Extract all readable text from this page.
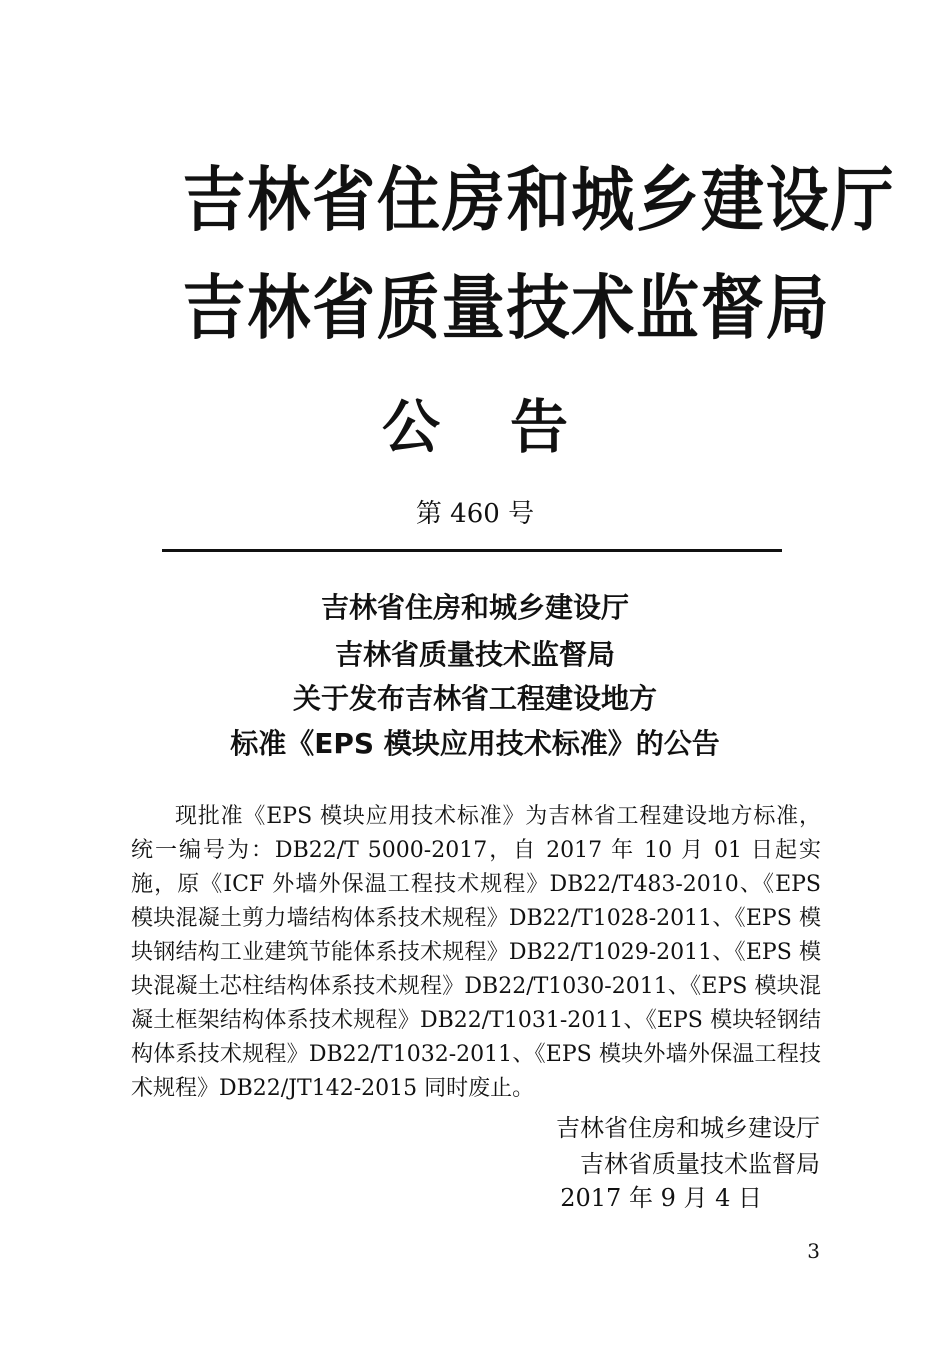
吉林省住房和城乡建设厅
吉林省质量技术监督局
公 告
第 460 号
吉林省住房和城乡建设厅
吉林省质量技术监督局
关于发布吉林省工程建设地方
标准《EPS 模块应用技术标准》的公告
现批准《EPS 模块应用技术标准》为吉林省工程建设地方标准，统一编号为：DB22/T 5000-2017，自 2017 年 10 月 01 日起实施，原《ICF 外墙外保温工程技术规程》DB22/T483-2010、《EPS 模块混凝土剪力墙结构体系技术规程》DB22/T1028-2011、《EPS 模块钢结构工业建筑节能体系技术规程》DB22/T1029-2011、《EPS 模块混凝土芯柱结构体系技术规程》DB22/T1030-2011、《EPS 模块混凝土框架结构体系技术规程》DB22/T1031-2011、《EPS 模块轻钢结构体系技术规程》DB22/T1032-2011、《EPS 模块外墙外保温工程技术规程》DB22/JT142-2015 同时废止。
吉林省住房和城乡建设厅
吉林省质量技术监督局
2017 年 9 月 4 日
3
